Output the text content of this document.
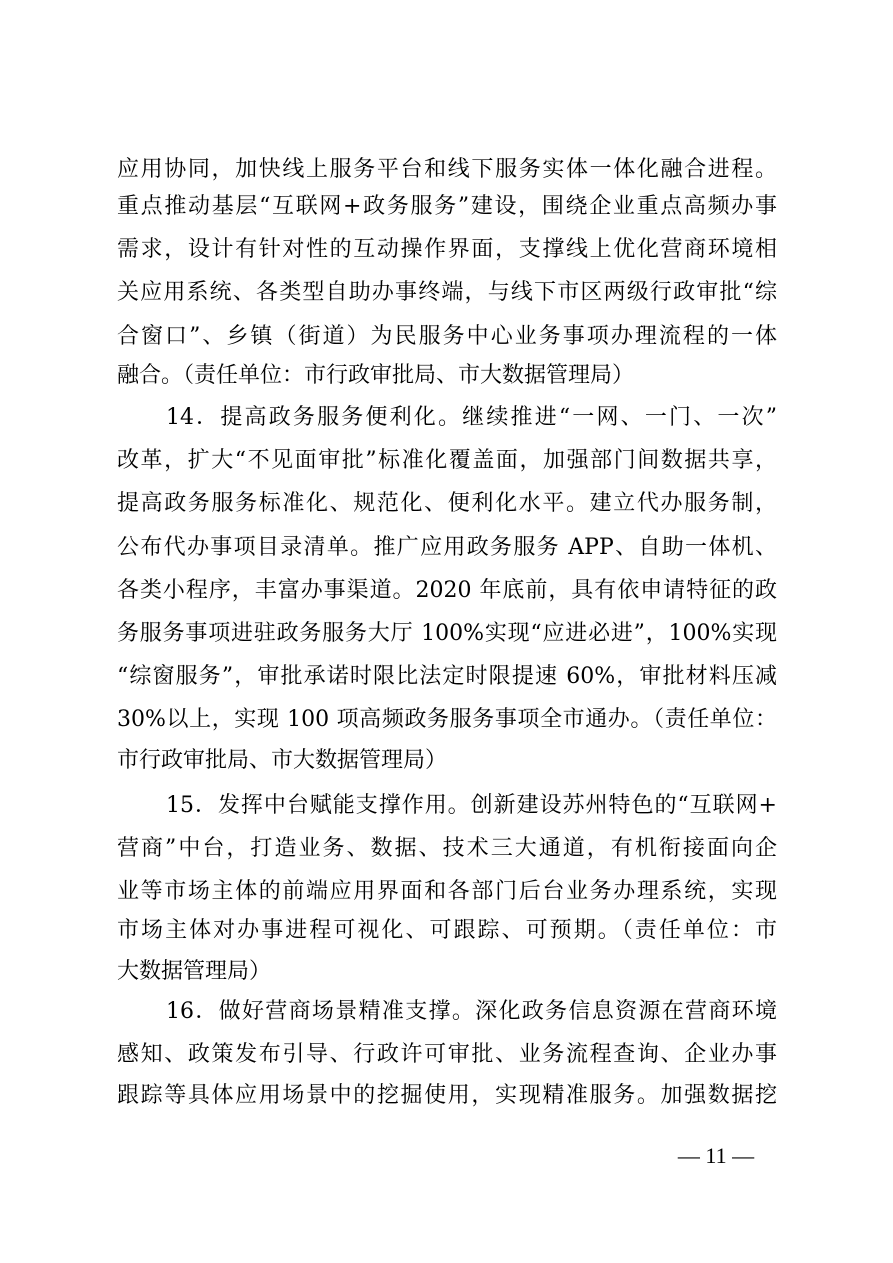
应用协同，加快线上服务平台和线下服务实体一体化融合进程。
重点推动基层“互联网+政务服务”建设，围绕企业重点高频办事
需求，设计有针对性的互动操作界面，支撑线上优化营商环境相
关应用系统、各类型自助办事终端，与线下市区两级行政审批“综
合窗口”、乡镇（街道）为民服务中心业务事项办理流程的一体
融合。（责任单位：市行政审批局、市大数据管理局）
14．提高政务服务便利化。继续推进“一网、一门、一次”
改革，扩大“不见面审批”标准化覆盖面，加强部门间数据共享，
提高政务服务标准化、规范化、便利化水平。建立代办服务制，
公布代办事项目录清单。推广应用政务服务 APP、自助一体机、
各类小程序，丰富办事渠道。2020 年底前，具有依申请特征的政
务服务事项进驻政务服务大厅 100%实现“应进必进”，100%实现
“综窗服务”，审批承诺时限比法定时限提速 60%，审批材料压减
30%以上，实现 100 项高频政务服务事项全市通办。（责任单位：
市行政审批局、市大数据管理局）
15．发挥中台赋能支撑作用。创新建设苏州特色的“互联网+
营商”中台，打造业务、数据、技术三大通道，有机衔接面向企
业等市场主体的前端应用界面和各部门后台业务办理系统，实现
市场主体对办事进程可视化、可跟踪、可预期。（责任单位：市
大数据管理局）
16．做好营商场景精准支撑。深化政务信息资源在营商环境
感知、政策发布引导、行政许可审批、业务流程查询、企业办事
跟踪等具体应用场景中的挖掘使用，实现精准服务。加强数据挖
— 11 —
